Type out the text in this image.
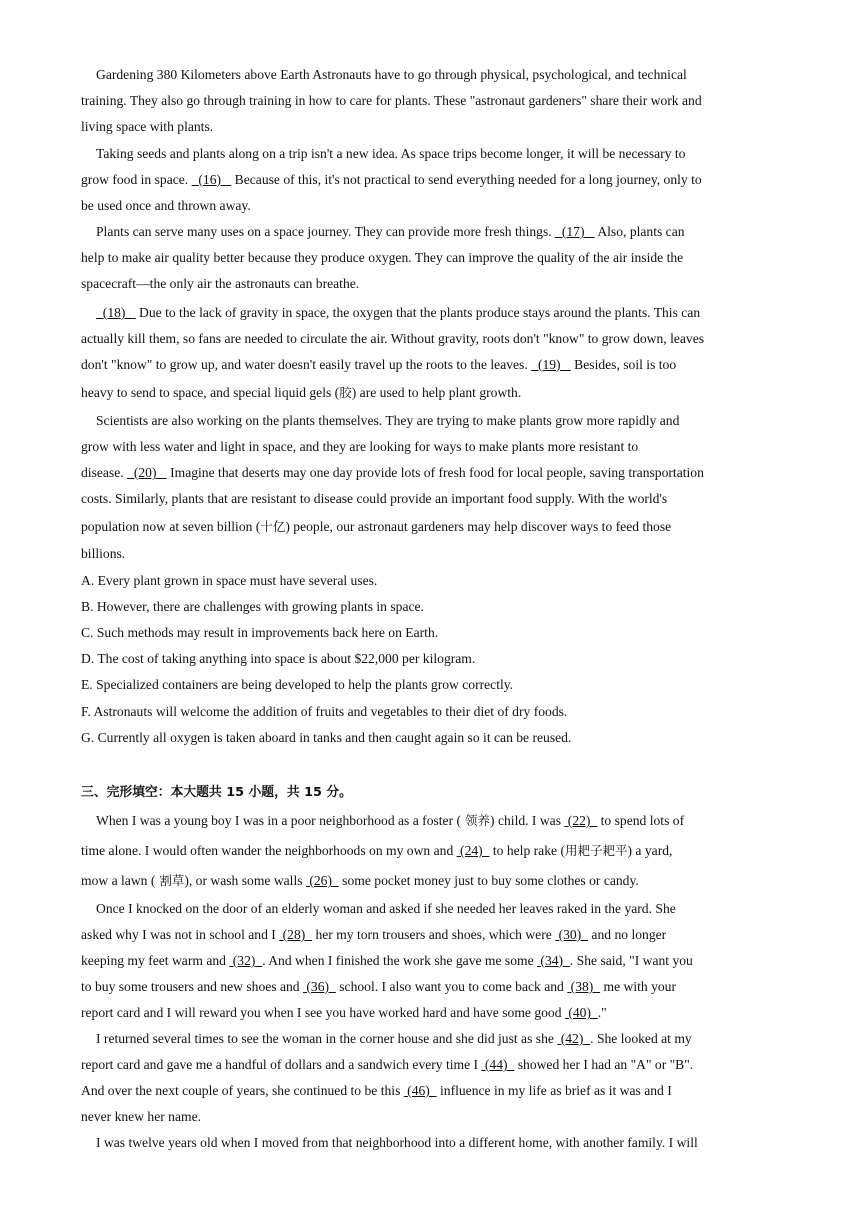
Gardening 380 Kilometers above Earth Astronauts have to go through physical, psychological, and technical
training. They also go through training in how to care for plants. These "astronaut gardeners" share their work and
living space with plants.
Taking seeds and plants along on a trip isn't a new idea. As space trips become longer, it will be necessary to
grow food in space.   (16)    Because of this, it's not practical to send everything needed for a long journey, only to
be used once and thrown away.
Plants can serve many uses on a space journey. They can provide more fresh things.   (17)    Also, plants can
help to make air quality better because they produce oxygen. They can improve the quality of the air inside the
spacecraft—the only air the astronauts can breathe.
(18)    Due to the lack of gravity in space, the oxygen that the plants produce stays around the plants. This can
actually kill them, so fans are needed to circulate the air. Without gravity, roots don't "know" to grow down, leaves
don't "know" to grow up, and water doesn't easily travel up the roots to the leaves.   (19)    Besides, soil is too
heavy to send to space, and special liquid gels (胶) are used to help plant growth.
Scientists are also working on the plants themselves. They are trying to make plants grow more rapidly and
grow with less water and light in space, and they are looking for ways to make plants more resistant to
disease.   (20)    Imagine that deserts may one day provide lots of fresh food for local people, saving transportation
costs. Similarly, plants that are resistant to disease could provide an important food supply. With the world's
population now at seven billion (十亿) people, our astronaut gardeners may help discover ways to feed those
billions.
A. Every plant grown in space must have several uses.
B. However, there are challenges with growing plants in space.
C. Such methods may result in improvements back here on Earth.
D. The cost of taking anything into space is about $22,000 per kilogram.
E. Specialized containers are being developed to help the plants grow correctly.
F. Astronauts will welcome the addition of fruits and vegetables to their diet of dry foods.
G. Currently all oxygen is taken aboard in tanks and then caught again so it can be reused.
三、完形填空：本大题共 15 小题，共 15 分。
When I was a young boy I was in a poor neighborhood as a foster ( 领养) child. I was  (22)   to spend lots of
time alone. I would often wander the neighborhoods on my own and  (24)   to help rake (用耙子耙平) a yard,
mow a lawn ( 割草), or wash some walls  (26)   some pocket money just to buy some clothes or candy.
Once I knocked on the door of an elderly woman and asked if she needed her leaves raked in the yard. She
asked why I was not in school and I  (28)   her my torn trousers and shoes, which were  (30)   and no longer
keeping my feet warm and  (32)  . And when I finished the work she gave me some  (34)  . She said, "I want you
to buy some trousers and new shoes and  (36)   school. I also want you to come back and  (38)   me with your
report card and I will reward you when I see you have worked hard and have some good  (40)  ."
I returned several times to see the woman in the corner house and she did just as she  (42)  . She looked at my
report card and gave me a handful of dollars and a sandwich every time I  (44)   showed her I had an "A" or "B".
And over the next couple of years, she continued to be this  (46)   influence in my life as brief as it was and I
never knew her name.
I was twelve years old when I moved from that neighborhood into a different home, with another family. I will
